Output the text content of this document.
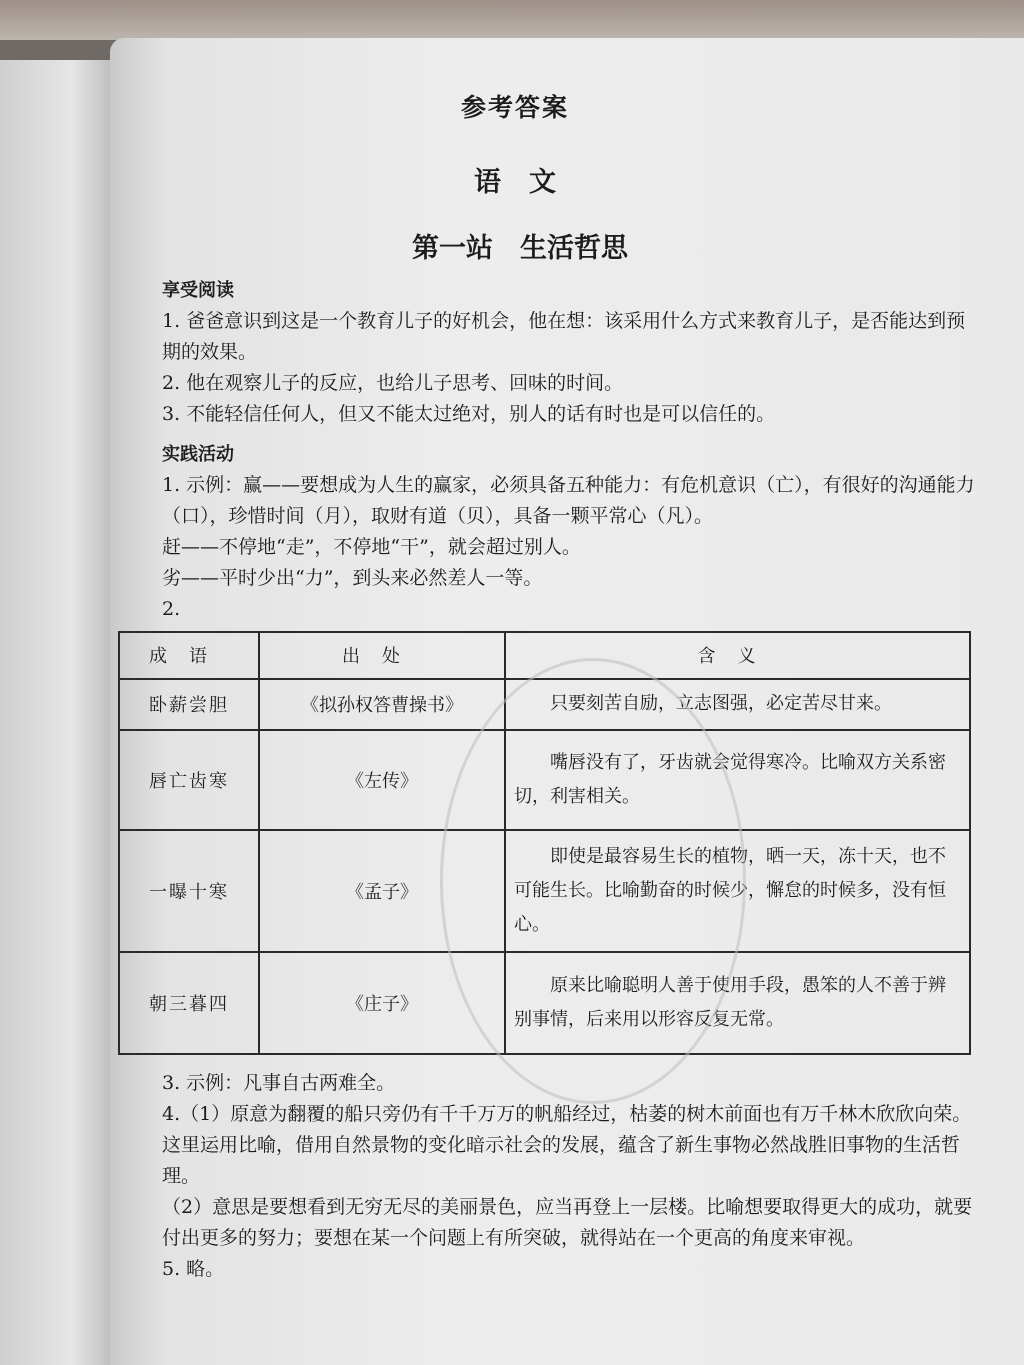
参考答案
语文
第一站　生活哲思
享受阅读
1. 爸爸意识到这是一个教育儿子的好机会，他在想：该采用什么方式来教育儿子，是否能达到预期的效果。
2. 他在观察儿子的反应，也给儿子思考、回味的时间。
3. 不能轻信任何人，但又不能太过绝对，别人的话有时也是可以信任的。
实践活动
1. 示例：赢——要想成为人生的赢家，必须具备五种能力：有危机意识（亡），有很好的沟通能力（口），珍惜时间（月），取财有道（贝），具备一颗平常心（凡）。
赶——不停地“走”，不停地“干”，就会超过别人。
劣——平时少出“力”，到头来必然差人一等。
2.
成语	出处	含义
卧薪尝胆	《拟孙权答曹操书》	只要刻苦自励，立志图强，必定苦尽甘来。
唇亡齿寒	《左传》	嘴唇没有了，牙齿就会觉得寒冷。比喻双方关系密切，利害相关。
一曝十寒	《孟子》	即使是最容易生长的植物，晒一天，冻十天，也不可能生长。比喻勤奋的时候少，懈怠的时候多，没有恒心。
朝三暮四	《庄子》	原来比喻聪明人善于使用手段，愚笨的人不善于辨别事情，后来用以形容反复无常。
3. 示例：凡事自古两难全。
4.（1）原意为翻覆的船只旁仍有千千万万的帆船经过，枯萎的树木前面也有万千林木欣欣向荣。这里运用比喻，借用自然景物的变化暗示社会的发展，蕴含了新生事物必然战胜旧事物的生活哲理。
（2）意思是要想看到无穷无尽的美丽景色，应当再登上一层楼。比喻想要取得更大的成功，就要付出更多的努力；要想在某一个问题上有所突破，就得站在一个更高的角度来审视。
5. 略。
